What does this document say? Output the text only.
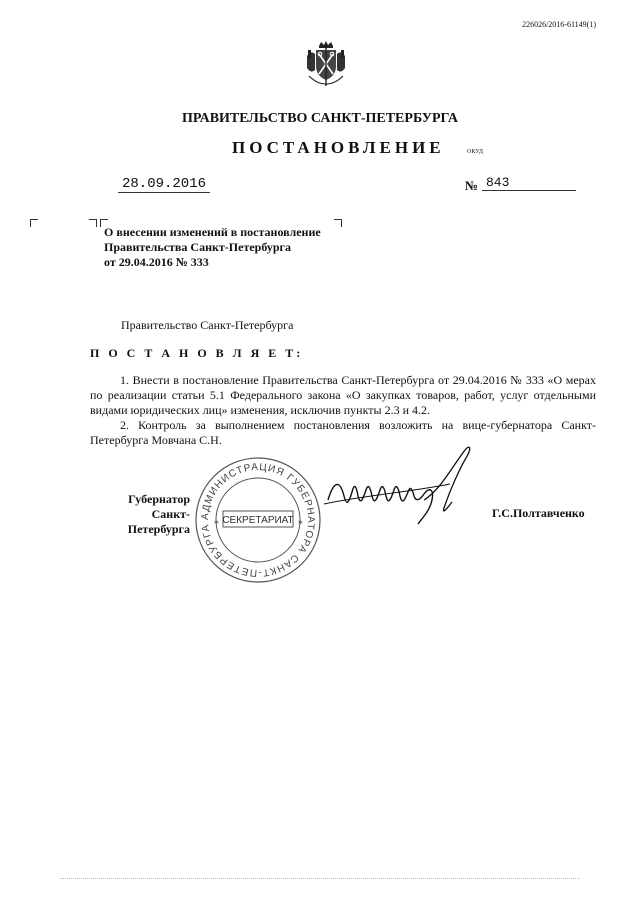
226026/2016-61149(1)
ПРАВИТЕЛЬСТВО САНКТ-ПЕТЕРБУРГА
ПОСТАНОВЛЕНИЕ	ОКУД
28.09.2016	№ 843
О внесении изменений в постановление
Правительства Санкт-Петербурга
от 29.04.2016 № 333
Правительство Санкт-Петербурга
П О С Т А Н О В Л Я Е Т:

1. Внести в постановление Правительства Санкт-Петербурга от 29.04.2016 № 333 «О мерах по реализации статьи 5.1 Федерального закона «О закупках товаров, работ, услуг отдельными видами юридических лиц» изменения, исключив пункты 2.3 и 4.2.

2. Контроль за выполнением постановления возложить на вице-губернатора Санкт-Петербурга Мовчана С.Н.

Губернатор
Санкт-Петербурга
АДМИНИСТРАЦИЯ ГУБЕРНАТОРА САНКТ-ПЕТЕРБУРГА
СЕКРЕТАРИАТ
✶	✶
Г.С.Полтавченко
